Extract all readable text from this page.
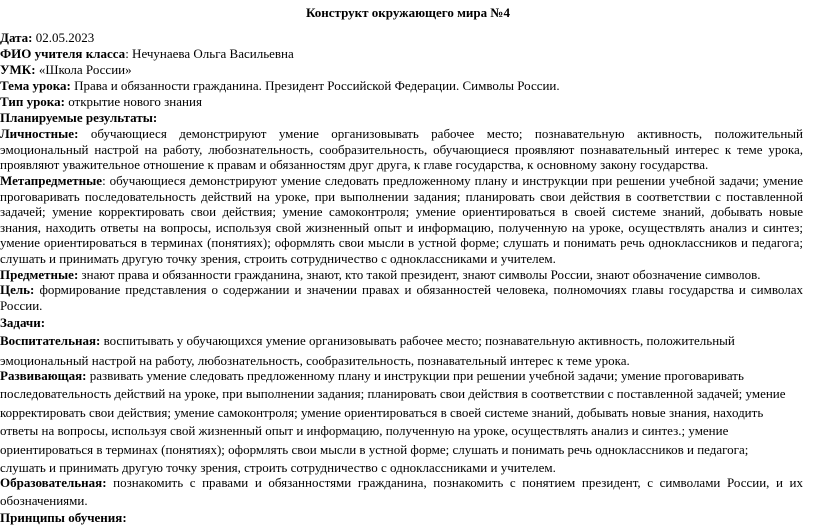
Конструкт окружающего мира №4
Дата: 02.05.2023
ФИО учителя класса: Нечунаева Ольга Васильевна
УМК: «Школа России»
Тема урока: Права и обязанности гражданина. Президент Российской Федерации. Символы России.
Тип урока: открытие нового знания
Планируемые результаты:
Личностные: обучающиеся демонстрируют умение организовывать рабочее место; познавательную активность, положительный
эмоциональный настрой на работу, любознательность, сообразительность, обучающиеся проявляют познавательный интерес к теме урока,
проявляют уважительное отношение к правам и обязанностям друг друга, к главе государства, к основному закону государства.
Метапредметные: обучающиеся демонстрируют умение следовать предложенному плану и инструкции при решении учебной задачи; умение
проговаривать последовательность действий на уроке, при выполнении задания; планировать свои действия в соответствии с поставленной
задачей; умение корректировать свои действия; умение самоконтроля; умение ориентироваться в своей системе знаний, добывать новые
знания, находить ответы на вопросы, используя свой жизненный опыт и информацию, полученную на уроке, осуществлять анализ и синтез;
умение ориентироваться в терминах (понятиях); оформлять свои мысли в устной форме; слушать и понимать речь одноклассников и педагога;
слушать и принимать другую точку зрения, строить сотрудничество с одноклассниками и учителем.
Предметные: знают права и обязанности гражданина, знают, кто такой президент, знают символы России, знают обозначение символов.
Цель: формирование представления о содержании и значении правах и обязанностей человека, полномочиях главы государства и символах
России.
Задачи:
Воспитательная: воспитывать у обучающихся умение организовывать рабочее место; познавательную активность, положительный
эмоциональный настрой на работу, любознательность, сообразительность, познавательный интерес к теме урока.
Развивающая: развивать умение следовать предложенному плану и инструкции при решении учебной задачи; умение проговаривать
последовательность действий на уроке, при выполнении задания; планировать свои действия в соответствии с поставленной задачей; умение
корректировать свои действия; умение самоконтроля; умение ориентироваться в своей системе знаний, добывать новые знания, находить
ответы на вопросы, используя свой жизненный опыт и информацию, полученную на уроке, осуществлять анализ и синтез.; умение
ориентироваться в терминах (понятиях); оформлять свои мысли в устной форме; слушать и понимать речь одноклассников и педагога;
слушать и принимать другую точку зрения, строить сотрудничество с одноклассниками и учителем.
Образовательная: познакомить с правами и обязанностями гражданина, познакомить с понятием президент, с символами России, и их
обозначениями.
Принципы обучения:
